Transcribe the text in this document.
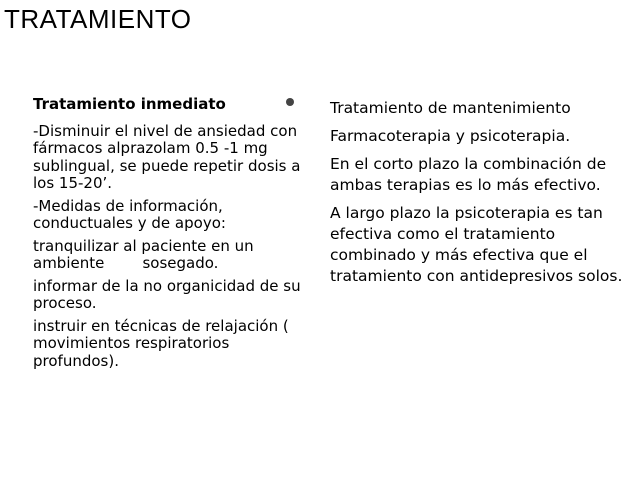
TRATAMIENTO
Tratamiento inmediato
-Disminuir el nivel de ansiedad con fármacos alprazolam 0.5 -1 mg sublingual, se puede repetir dosis a los 15-20’.
-Medidas de información, conductuales y de apoyo:
tranquilizar al paciente en un ambiente        sosegado.
informar de la no organicidad de su proceso.
instruir en técnicas de relajación ( movimientos respiratorios profundos).
Tratamiento de mantenimiento
Farmacoterapia y psicoterapia.
En el corto plazo la combinación de ambas terapias es lo más efectivo.
A largo plazo la psicoterapia es tan efectiva como el tratamiento combinado y más efectiva que el tratamiento con antidepresivos solos.
